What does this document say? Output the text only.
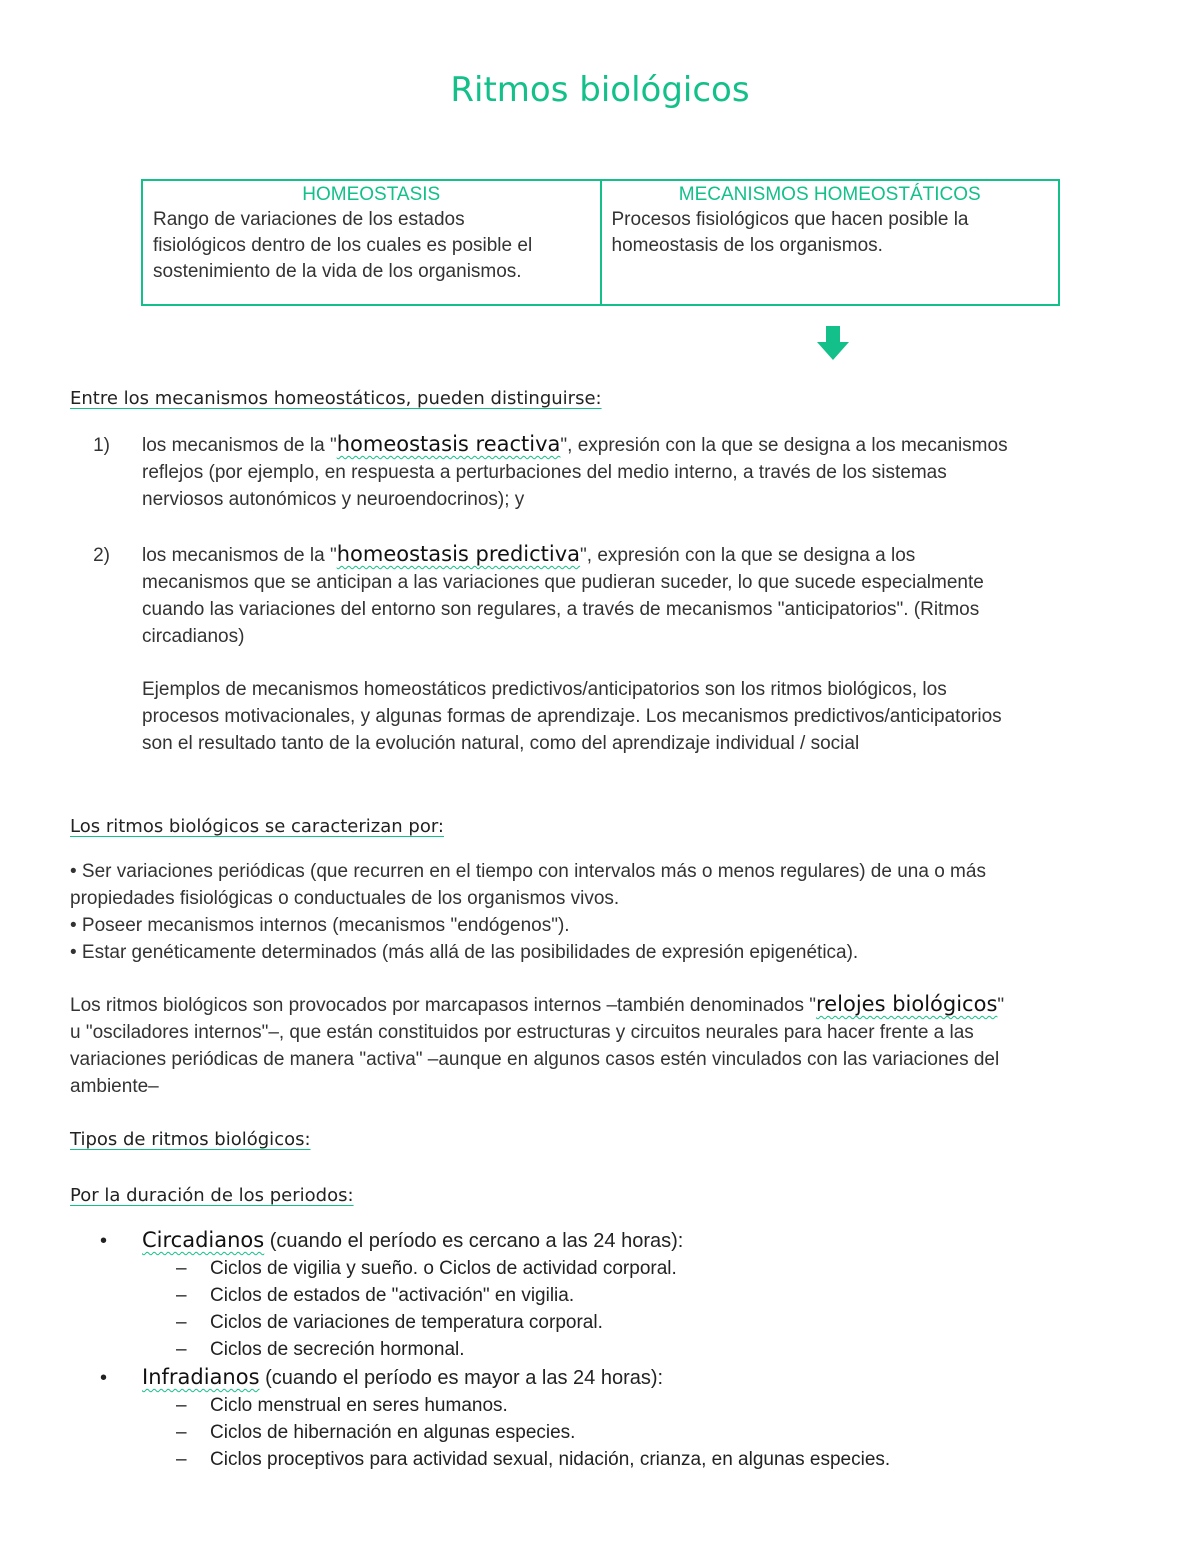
Ritmos biológicos
HOMEOSTASIS
Rango de variaciones de los estados
fisiológicos dentro de los cuales es posible el
sostenimiento de la vida de los organismos.
MECANISMOS HOMEOSTÁTICOS
Procesos fisiológicos que hacen posible la
homeostasis de los organismos.
Entre los mecanismos homeostáticos, pueden distinguirse:
1) los mecanismos de la "homeostasis reactiva", expresión con la que se designa a los mecanismos
reflejos (por ejemplo, en respuesta a perturbaciones del medio interno, a través de los sistemas
nerviosos autonómicos y neuroendocrinos); y
2) los mecanismos de la "homeostasis predictiva", expresión con la que se designa a los
mecanismos que se anticipan a las variaciones que pudieran suceder, lo que sucede especialmente
cuando las variaciones del entorno son regulares, a través de mecanismos "anticipatorios". (Ritmos
circadianos)
Ejemplos de mecanismos homeostáticos predictivos/anticipatorios son los ritmos biológicos, los
procesos motivacionales, y algunas formas de aprendizaje. Los mecanismos predictivos/anticipatorios
son el resultado tanto de la evolución natural, como del aprendizaje individual / social
Los ritmos biológicos se caracterizan por:
• Ser variaciones periódicas (que recurren en el tiempo con intervalos más o menos regulares) de una o más
propiedades fisiológicas o conductuales de los organismos vivos.
• Poseer mecanismos internos (mecanismos "endógenos").
• Estar genéticamente determinados (más allá de las posibilidades de expresión epigenética).
Los ritmos biológicos son provocados por marcapasos internos –también denominados "relojes biológicos"
u "osciladores internos"–, que están constituidos por estructuras y circuitos neurales para hacer frente a las
variaciones periódicas de manera "activa" –aunque en algunos casos estén vinculados con las variaciones del
ambiente–
Tipos de ritmos biológicos:
Por la duración de los periodos:
• Circadianos (cuando el período es cercano a las 24 horas):
– Ciclos de vigilia y sueño. o Ciclos de actividad corporal.
– Ciclos de estados de "activación" en vigilia.
– Ciclos de variaciones de temperatura corporal.
– Ciclos de secreción hormonal.
• Infradianos (cuando el período es mayor a las 24 horas):
– Ciclo menstrual en seres humanos.
– Ciclos de hibernación en algunas especies.
– Ciclos proceptivos para actividad sexual, nidación, crianza, en algunas especies.
